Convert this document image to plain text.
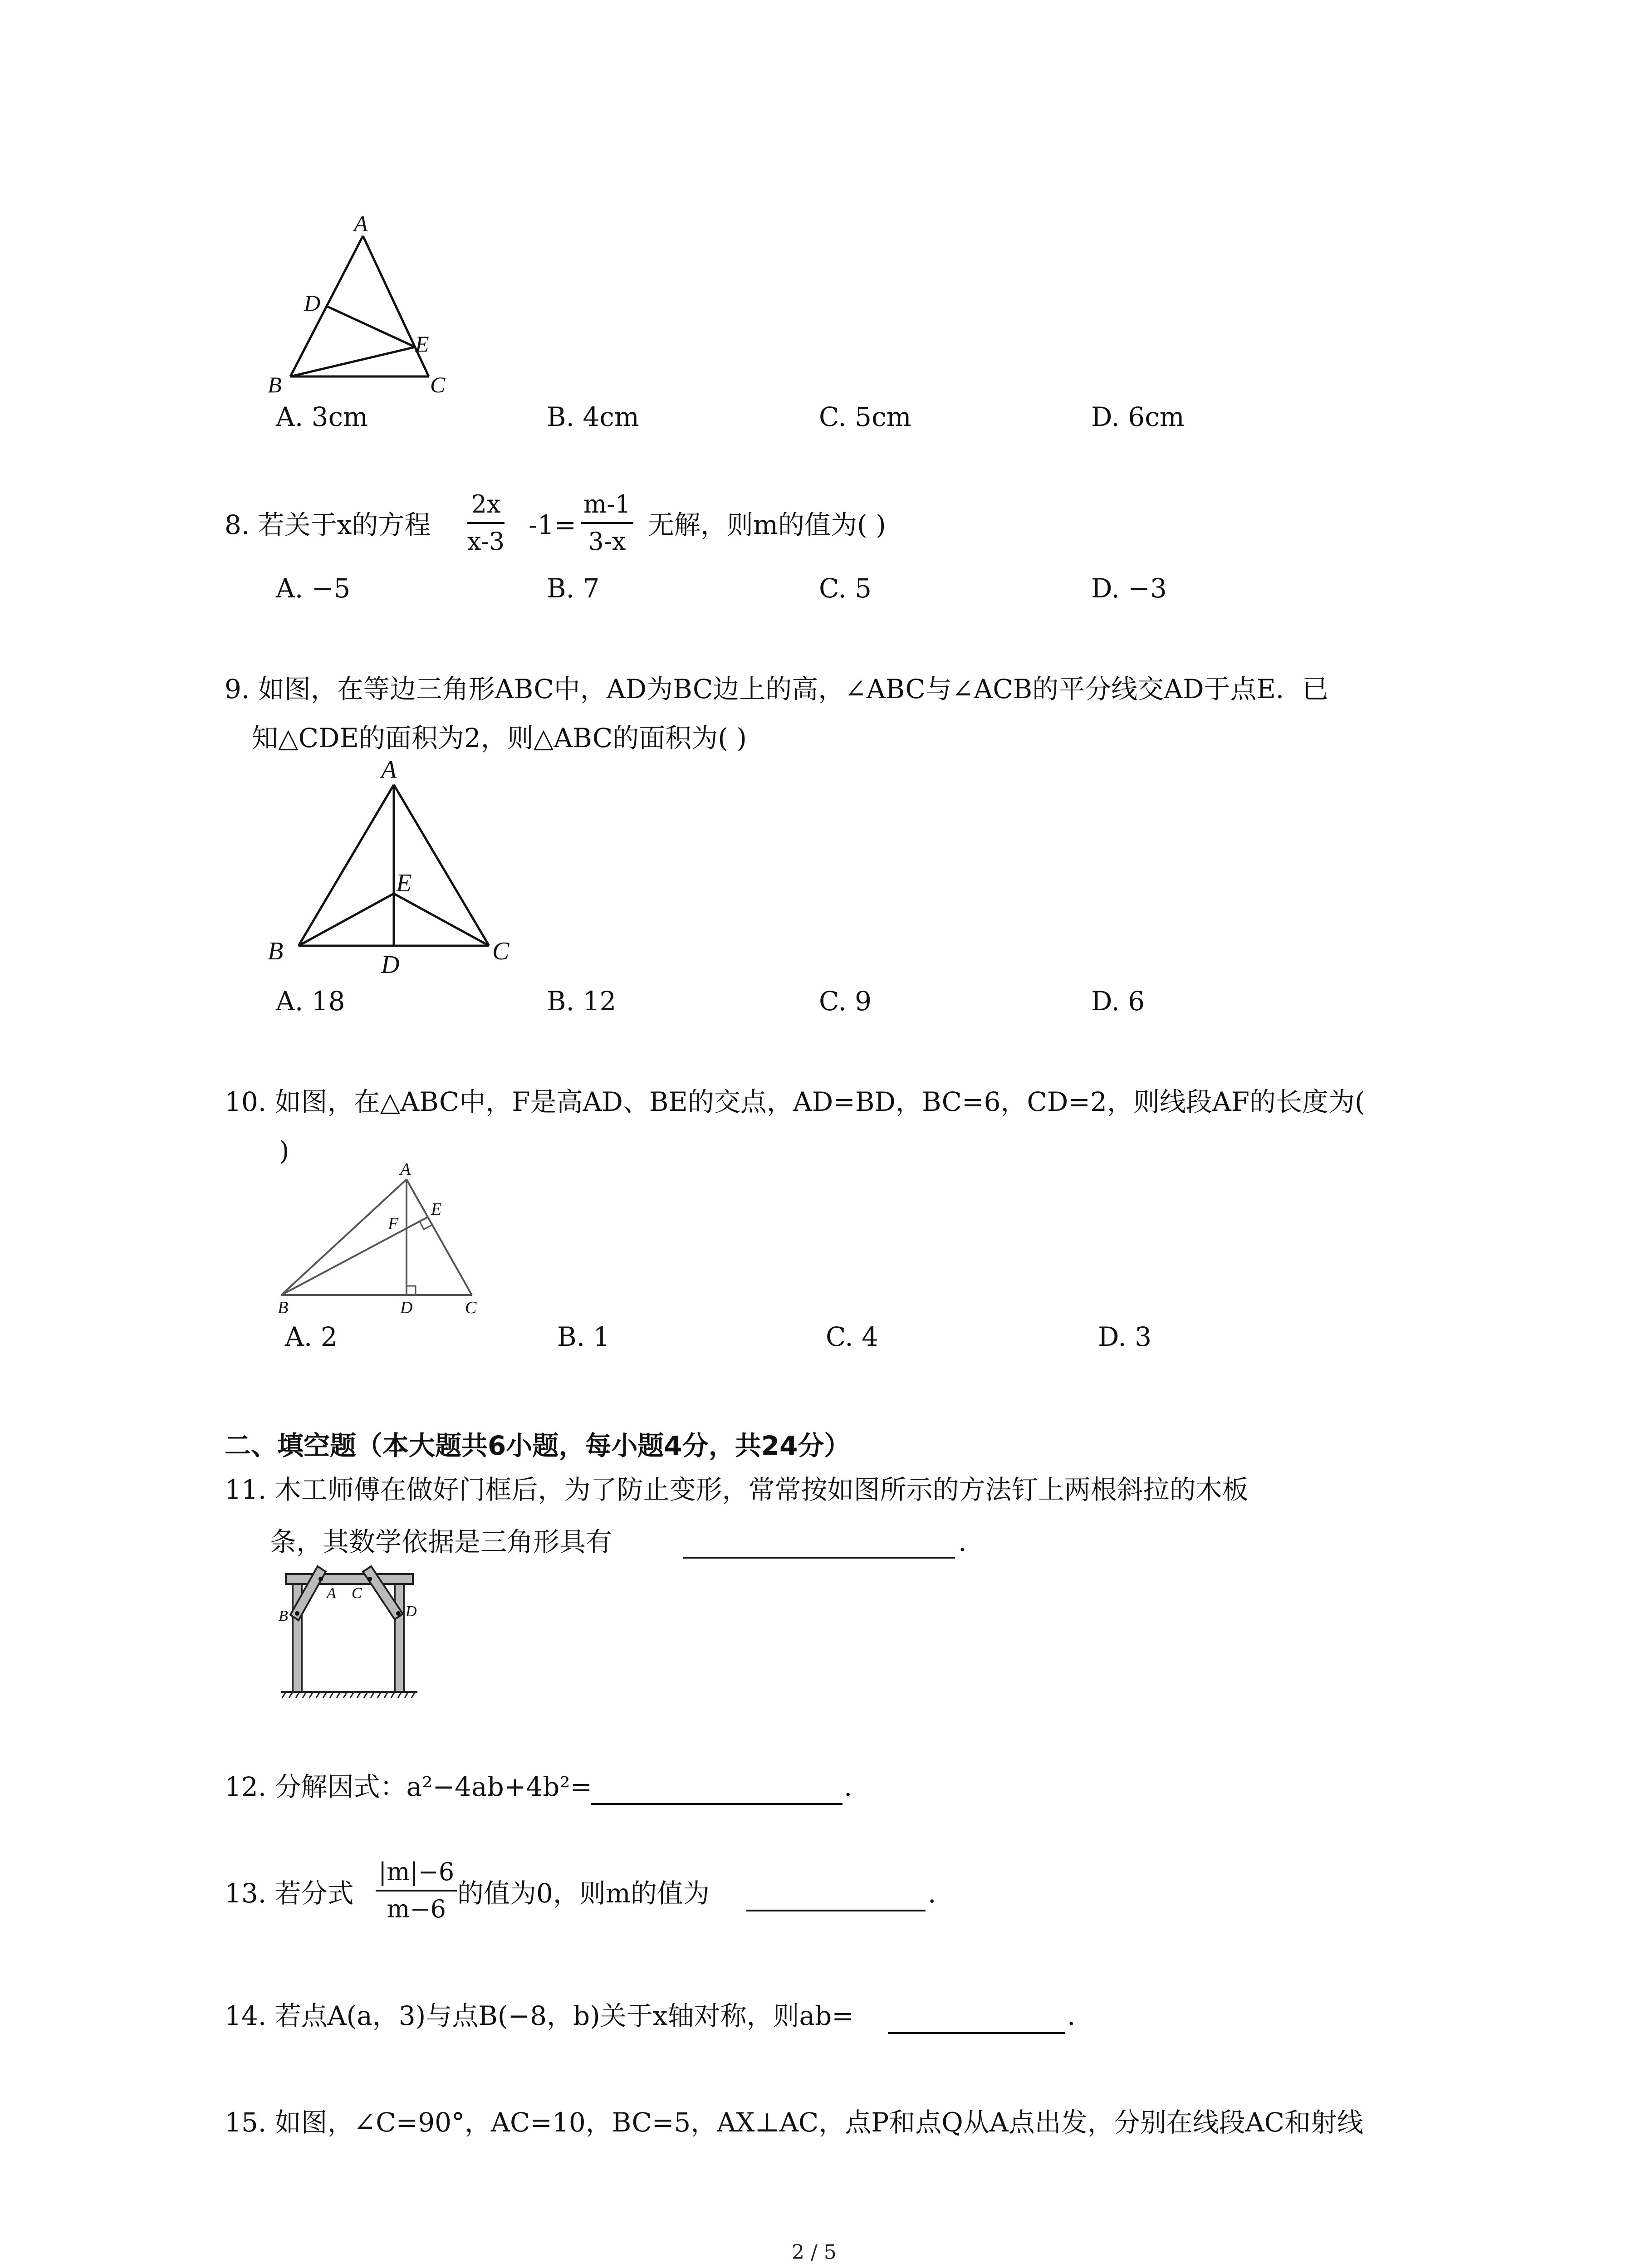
A
D
E
B	C
A. 3cm	B. 4cm	C. 5cm	D. 6cm
8. 若关于x的方程 $\frac{2x}{x-3} -1= \frac{m-1}{3-x}$ 无解，则m的值为( )
A. −5	B. 7	C. 5	D. −3
9. 如图，在等边三角形ABC中，AD为BC边上的高，∠ABC与∠ACB的平分线交AD于点E．已
知△CDE的面积为2，则△ABC的面积为( )
A
E
B	C
D
A. 18	B. 12	C. 9	D. 6
10. 如图，在△ABC中，F是高AD、BE的交点，AD=BD，BC=6，CD=2，则线段AF的长度为(
)
A
F
E
B	D	C
A. 2	B. 1	C. 4	D. 3
二、填空题（本大题共6小题，每小题4分，共24分）
11. 木工师傅在做好门框后，为了防止变形，常常按如图所示的方法钉上两根斜拉的木板
条，其数学依据是三角形具有	.
A C
B	D
12. 分解因式：a²−4ab+4b²=	.
13. 若分式 $\frac{|m|-6}{m-6}$ 的值为0，则m的值为	.
14. 若点A(a，3)与点B(−8，b)关于x轴对称，则ab=	.
15. 如图，∠C=90°，AC=10，BC=5，AX⊥AC，点P和点Q从A点出发，分别在线段AC和射线
2 / 5
